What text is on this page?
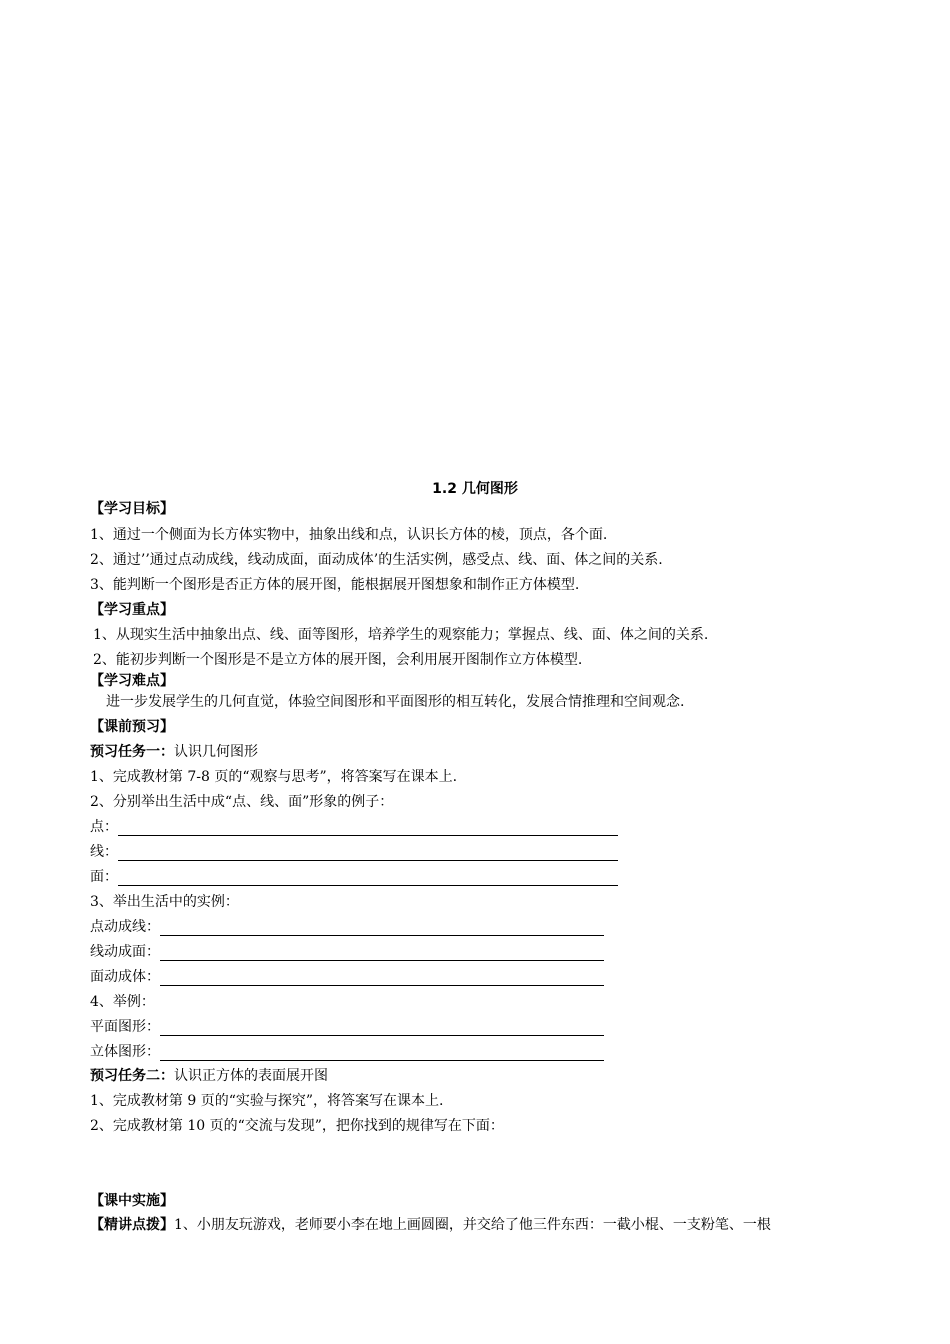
1.2 几何图形
【学习目标】
1、通过一个侧面为长方体实物中，抽象出线和点，认识长方体的棱，顶点，各个面.
2、通过’’通过点动成线，线动成面，面动成体’的生活实例，感受点、线、面、体之间的关系.
3、能判断一个图形是否正方体的展开图，能根据展开图想象和制作正方体模型.
【学习重点】
1、从现实生活中抽象出点、线、面等图形，培养学生的观察能力；掌握点、线、面、体之间的关系.
2、能初步判断一个图形是不是立方体的展开图，会利用展开图制作立方体模型.
【学习难点】
进一步发展学生的几何直觉，体验空间图形和平面图形的相互转化，发展合情推理和空间观念.
【课前预习】
预习任务一：认识几何图形
1、完成教材第 7-8 页的“观察与思考”，将答案写在课本上.
2、分别举出生活中成“点、线、面”形象的例子：
点：
线：
面：
3、举出生活中的实例：
点动成线：
线动成面：
面动成体：
4、举例：
平面图形：
立体图形：
预习任务二：认识正方体的表面展开图
1、完成教材第 9 页的“实验与探究”，将答案写在课本上.
2、完成教材第 10 页的“交流与发现”，把你找到的规律写在下面：
【课中实施】
【精讲点拨】1、小朋友玩游戏，老师要小李在地上画圆圈，并交给了他三件东西：一截小棍、一支粉笔、一根
